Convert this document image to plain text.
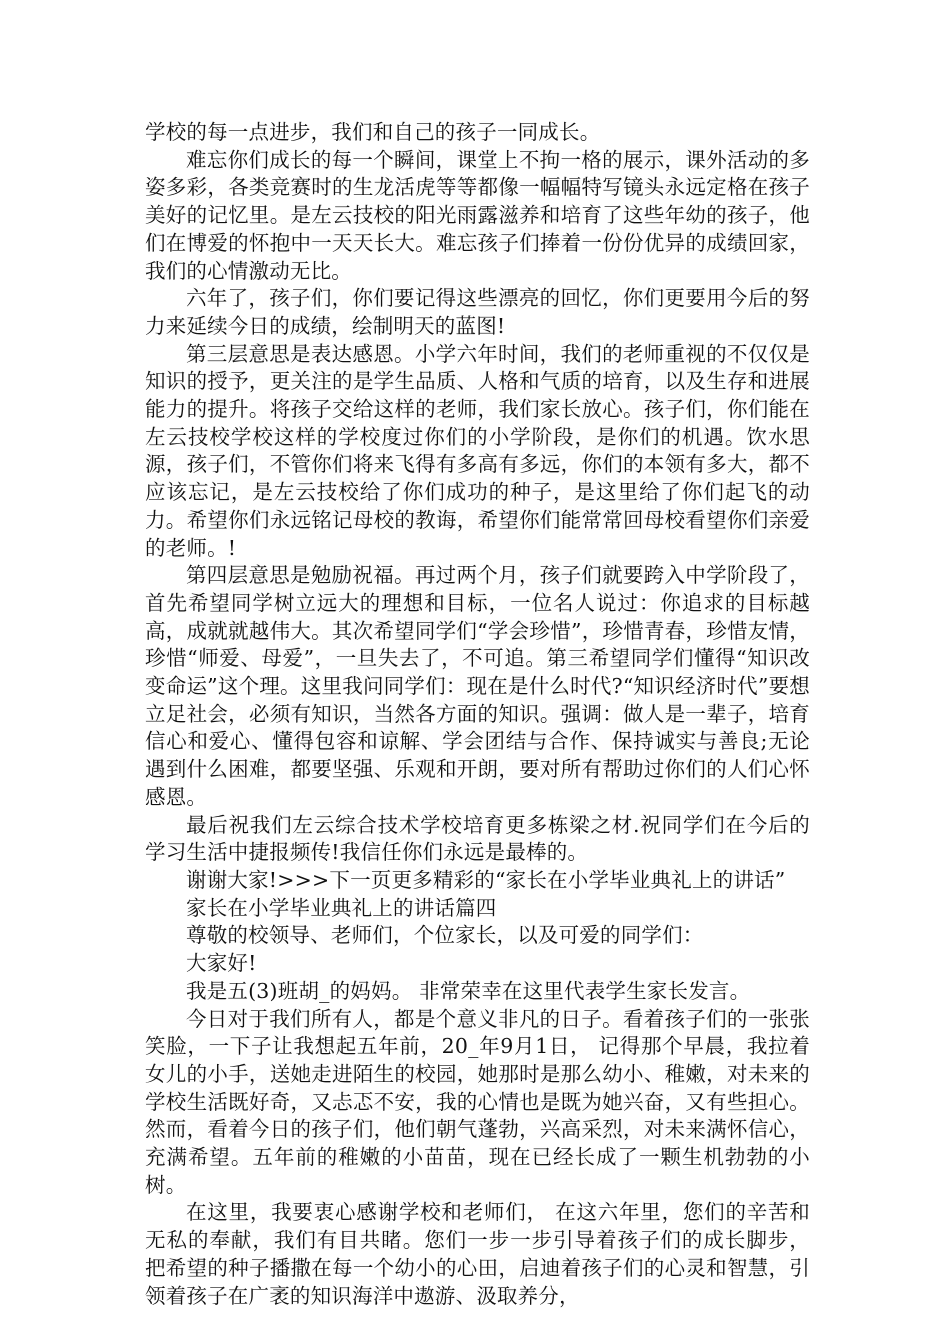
学校的每一点进步，我们和自己的孩子一同成长。

难忘你们成长的每一个瞬间，课堂上不拘一格的展示，课外活动的多姿多彩，各类竞赛时的生龙活虎等等都像一幅幅特写镜头永远定格在孩子美好的记忆里。是左云技校的阳光雨露滋养和培育了这些年幼的孩子，他们在博爱的怀抱中一天天长大。难忘孩子们捧着一份份优异的成绩回家，我们的心情激动无比。

六年了，孩子们，你们要记得这些漂亮的回忆，你们更要用今后的努力来延续今日的成绩，绘制明天的蓝图!

第三层意思是表达感恩。小学六年时间，我们的老师重视的不仅仅是知识的授予，更关注的是学生品质、人格和气质的培育，以及生存和进展能力的提升。将孩子交给这样的老师，我们家长放心。孩子们，你们能在左云技校学校这样的学校度过你们的小学阶段，是你们的机遇。饮水思源，孩子们，不管你们将来飞得有多高有多远，你们的本领有多大，都不应该忘记，是左云技校给了你们成功的种子，是这里给了你们起飞的动力。希望你们永远铭记母校的教诲，希望你们能常常回母校看望你们亲爱的老师。!

第四层意思是勉励祝福。再过两个月，孩子们就要跨入中学阶段了， 首先希望同学树立远大的理想和目标，一位名人说过：你追求的目标越高，成就就越伟大。其次希望同学们“学会珍惜”，珍惜青春，珍惜友情，珍惜“师爱、母爱”，一旦失去了，不可追。第三希望同学们懂得“知识改变命运”这个理。这里我问同学们：现在是什么时代?“知识经济时代”要想立足社会，必须有知识，当然各方面的知识。强调：做人是一辈子，培育信心和爱心、懂得包容和谅解、学会团结与合作、保持诚实与善良;无论遇到什么困难，都要坚强、乐观和开朗，要对所有帮助过你们的人们心怀感恩。

最后祝我们左云综合技术学校培育更多栋梁之材.祝同学们在今后的学习生活中捷报频传!我信任你们永远是最棒的。

谢谢大家!>>>下一页更多精彩的“家长在小学毕业典礼上的讲话”

家长在小学毕业典礼上的讲话篇四

尊敬的校领导、老师们，个位家长，以及可爱的同学们：

大家好!

我是五(3)班胡_的妈妈。 非常荣幸在这里代表学生家长发言。

今日对于我们所有人，都是个意义非凡的日子。看着孩子们的一张张笑脸，一下子让我想起五年前，20_年9月1日， 记得那个早晨，我拉着女儿的小手，送她走进陌生的校园，她那时是那么幼小、稚嫩，对未来的学校生活既好奇，又忐忑不安，我的心情也是既为她兴奋，又有些担心。然而，看着今日的孩子们，他们朝气蓬勃，兴高采烈，对未来满怀信心，充满希望。五年前的稚嫩的小苗苗，现在已经长成了一颗生机勃勃的小树。

在这里，我要衷心感谢学校和老师们， 在这六年里，您们的辛苦和无私的奉献，我们有目共睹。您们一步一步引导着孩子们的成长脚步， 把希望的种子播撒在每一个幼小的心田，启迪着孩子们的心灵和智慧，引领着孩子在广袤的知识海洋中遨游、汲取养分，
